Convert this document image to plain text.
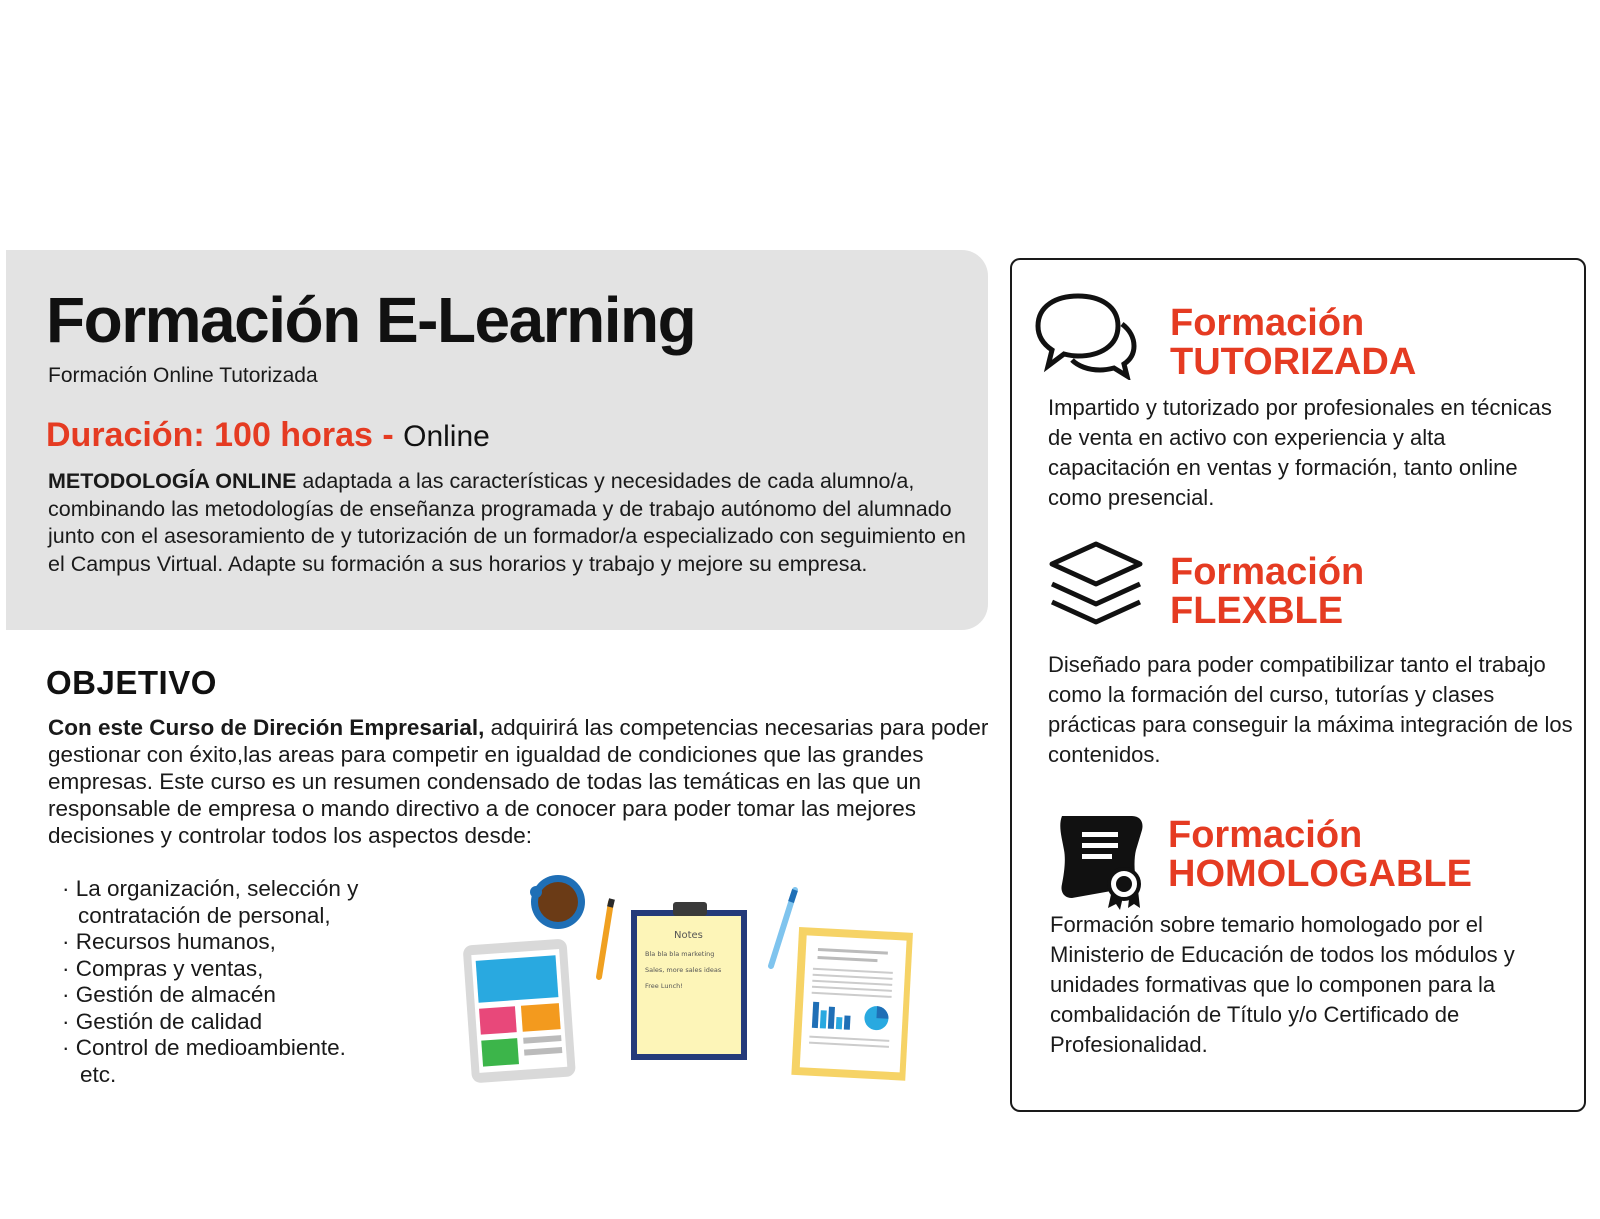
Formación E-Learning
Formación Online Tutorizada
Duración: 100 horas - Online

METODOLOGÍA ONLINE adaptada a las características y necesidades de cada alumno/a, combinando las metodologías de enseñanza programada y de trabajo autónomo del alumnado junto con el asesoramiento de y tutorización de un formador/a especializado con seguimiento en el Campus Virtual. Adapte su formación a sus horarios y trabajo y mejore su empresa.

OBJETIVO

Con este Curso de Direción Empresarial, adquirirá las competencias necesarias para poder gestionar con éxito,las areas para competir en igualdad de condiciones que las grandes empresas. Este curso es un resumen condensado de todas las temáticas en las que un responsable de empresa o mando directivo a de conocer para poder tomar las mejores decisiones y controlar todos los aspectos desde:

· La organización, selección y
contratación de personal,
· Recursos humanos,
· Compras y ventas,
· Gestión de almacén
· Gestión de calidad
· Control de medioambiente.
etc.
Notes
Bla bla bla marketing
Sales, more sales ideas
Free Lunch!
Formación
TUTORIZADA

Impartido y tutorizado por profesionales en técnicas de venta en activo con experiencia y alta capacitación en ventas y formación, tanto online como presencial.

Formación
FLEXBLE

Diseñado para poder compatibilizar tanto el trabajo como la formación del curso, tutorías y clases prácticas para conseguir la máxima integración de los contenidos.

Formación
HOMOLOGABLE

Formación sobre temario homologado por el Ministerio de Educación de todos los módulos y unidades formativas que lo componen para la combalidación de Título y/o Certificado de Profesionalidad.
